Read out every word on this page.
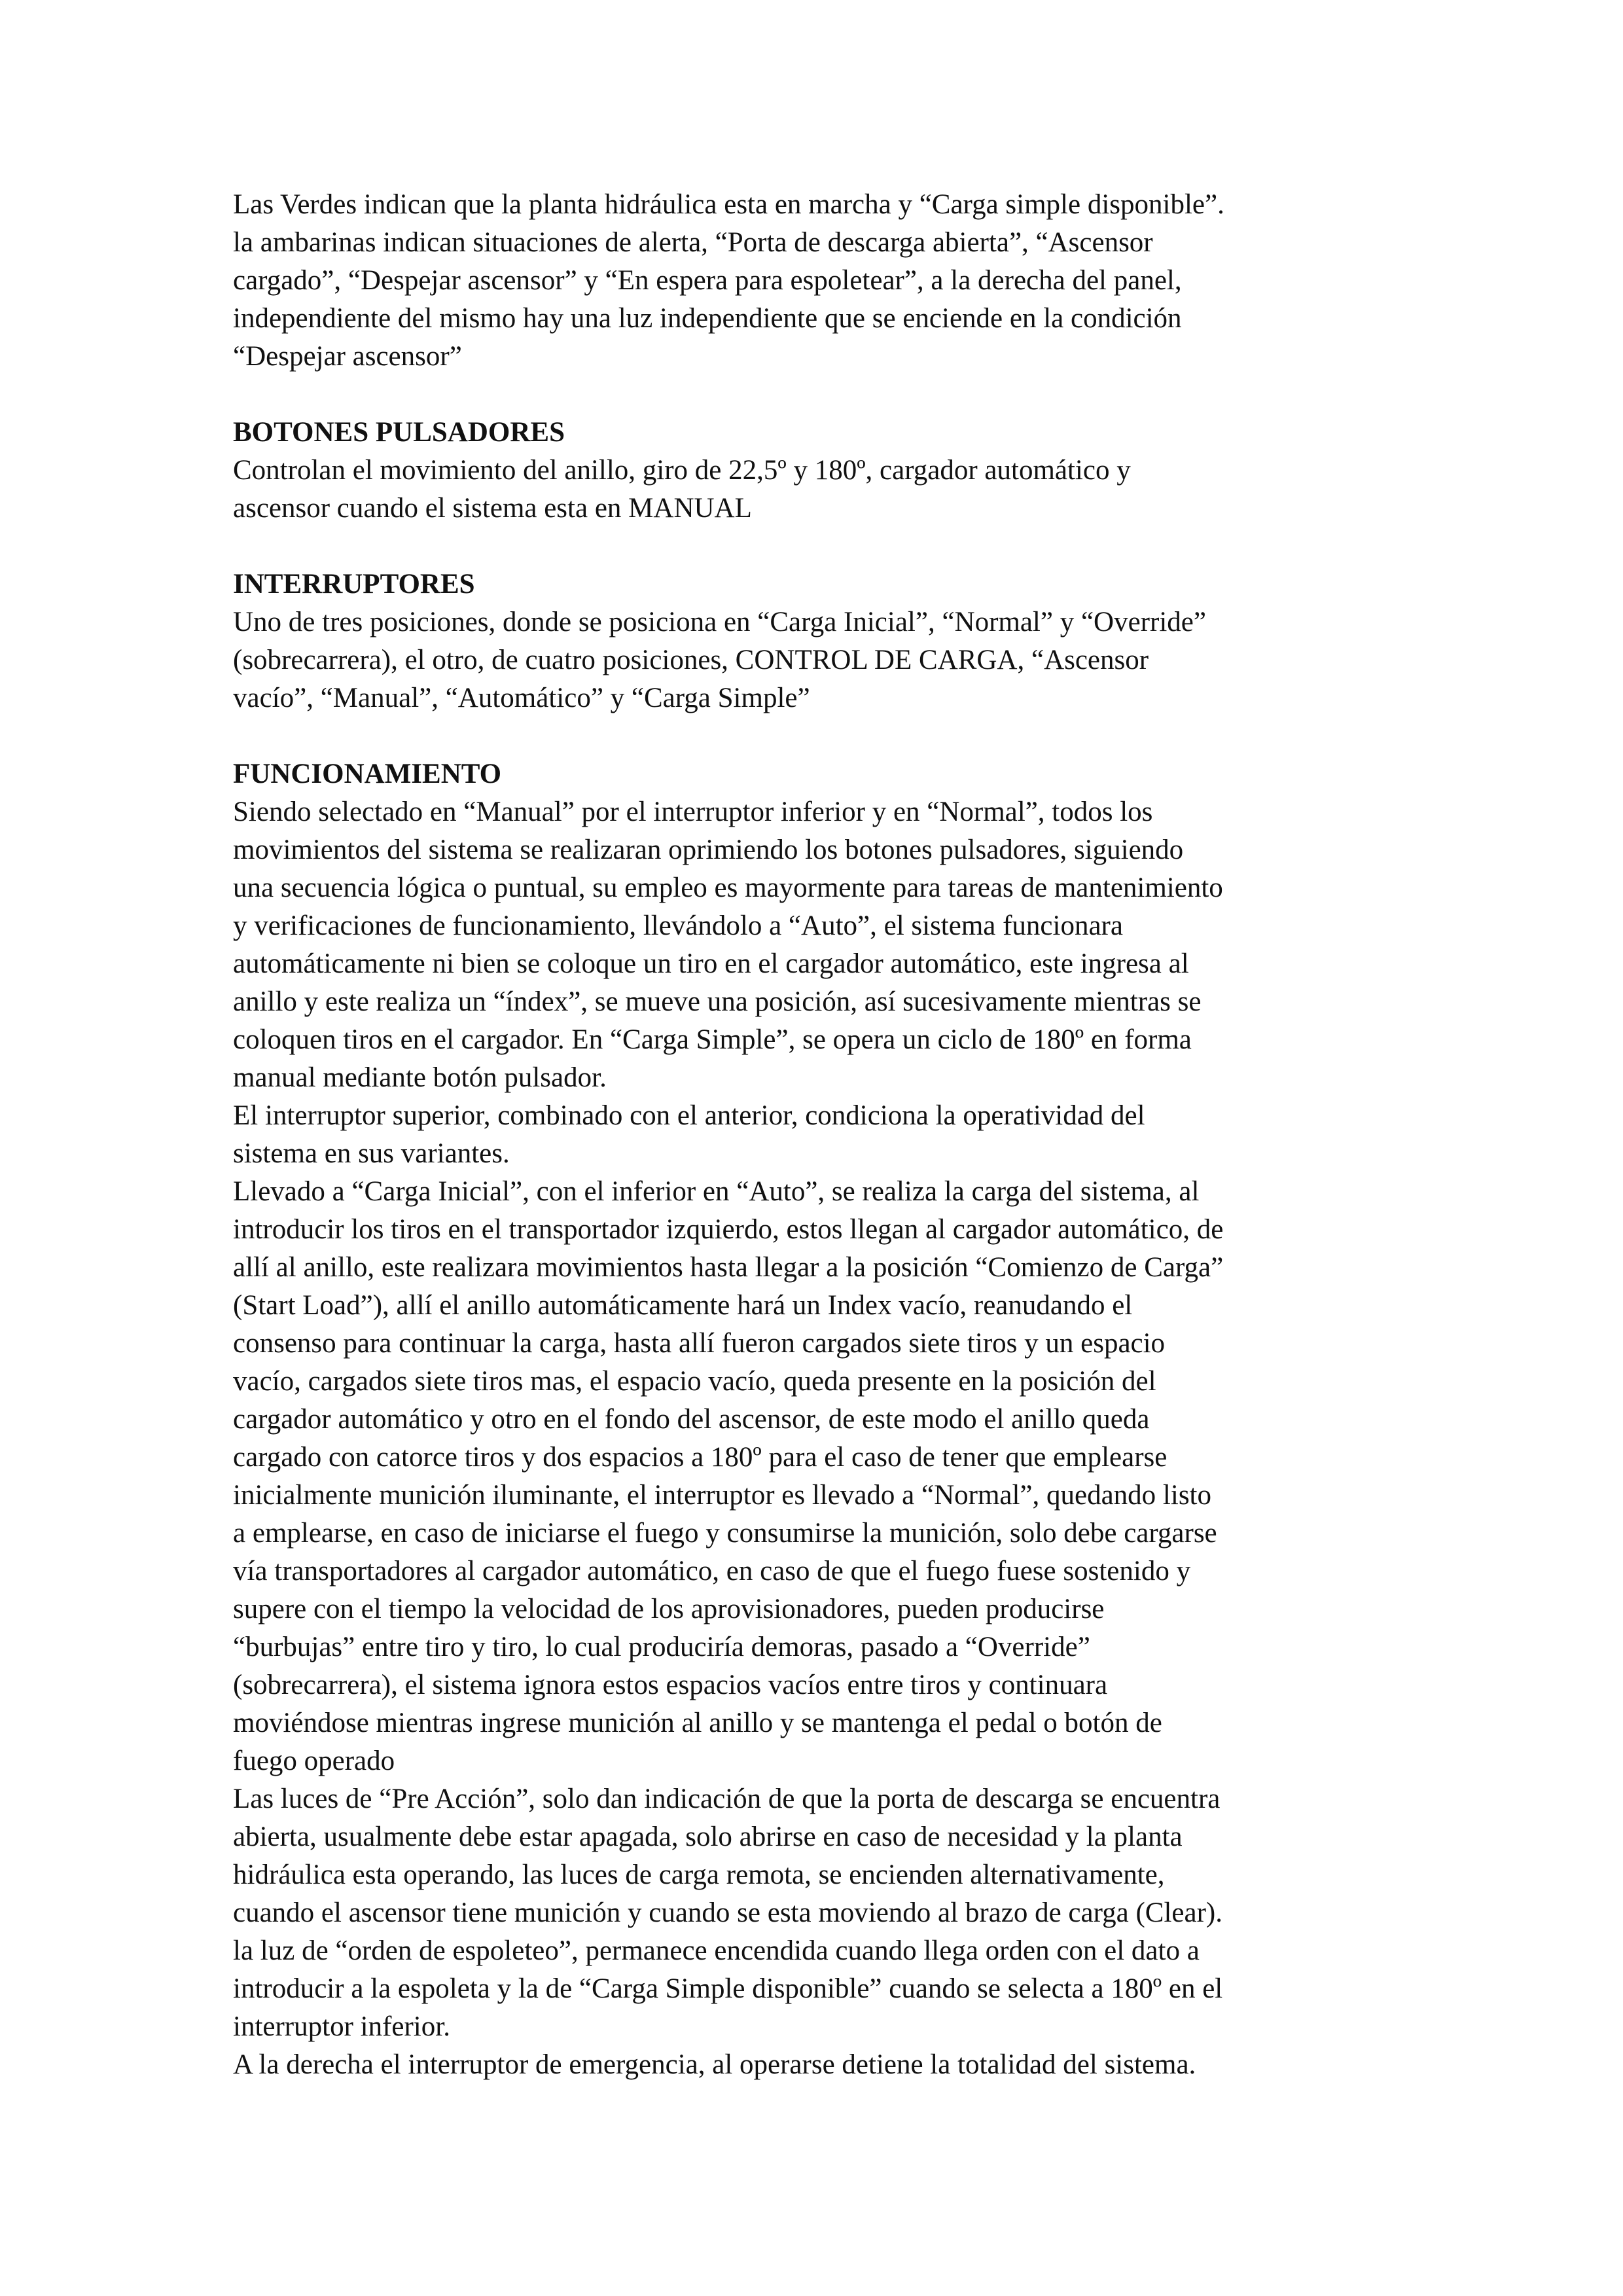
Las Verdes indican que la planta hidráulica esta en marcha y “Carga simple disponible”.
la ambarinas indican situaciones de alerta, “Porta de descarga abierta”, “Ascensor
cargado”, “Despejar ascensor” y “En espera para espoletear”, a la derecha del panel,
independiente del mismo hay una luz independiente que se enciende en la condición
“Despejar ascensor”

BOTONES PULSADORES

Controlan el movimiento del anillo, giro de 22,5º y 180º, cargador automático y
ascensor cuando el sistema esta en MANUAL

INTERRUPTORES

Uno de tres posiciones, donde se posiciona en “Carga Inicial”, “Normal” y “Override”
(sobrecarrera), el otro, de cuatro posiciones, CONTROL DE CARGA, “Ascensor
vacío”, “Manual”, “Automático” y “Carga Simple”

FUNCIONAMIENTO

Siendo selectado en “Manual” por el interruptor inferior y en “Normal”, todos los
movimientos del sistema se realizaran oprimiendo los botones pulsadores, siguiendo
una secuencia lógica o puntual, su empleo es mayormente para tareas de mantenimiento
y verificaciones de funcionamiento, llevándolo a “Auto”, el sistema funcionara
automáticamente ni bien se coloque un tiro en el cargador automático, este ingresa al
anillo y este realiza un “índex”, se mueve una posición, así sucesivamente mientras se
coloquen tiros en el cargador. En “Carga Simple”, se opera un ciclo de 180º en forma
manual mediante botón pulsador.
El interruptor superior, combinado con el anterior, condiciona la operatividad del
sistema en sus variantes.
Llevado a “Carga Inicial”, con el inferior en “Auto”, se realiza la carga del sistema, al
introducir los tiros en el transportador izquierdo, estos llegan al cargador automático, de
allí al anillo, este realizara movimientos hasta llegar a la posición “Comienzo de Carga”
(Start Load”), allí el anillo automáticamente hará un Index vacío, reanudando el
consenso para continuar la carga, hasta allí fueron cargados siete tiros y un espacio
vacío, cargados siete tiros mas, el espacio vacío, queda presente en la posición del
cargador automático y otro en el fondo del ascensor, de este modo el anillo queda
cargado con catorce tiros y dos espacios a 180º para el caso de tener que emplearse
inicialmente munición iluminante, el interruptor es llevado a “Normal”, quedando listo
a emplearse, en caso de iniciarse el fuego y consumirse la munición, solo debe cargarse
vía transportadores al cargador automático, en caso de que el fuego fuese sostenido y
supere con el tiempo la velocidad de los aprovisionadores, pueden producirse
“burbujas” entre tiro y tiro, lo cual produciría demoras, pasado a “Override”
(sobrecarrera), el sistema ignora estos espacios vacíos entre tiros y continuara
moviéndose mientras ingrese munición al anillo y se mantenga el pedal o botón de
fuego operado
Las luces de “Pre Acción”, solo dan indicación de que la porta de descarga se encuentra
abierta, usualmente debe estar apagada, solo abrirse en caso de necesidad y la planta
hidráulica esta operando, las luces de carga remota, se encienden alternativamente,
cuando el ascensor tiene munición y cuando se esta moviendo al brazo de carga (Clear).
la luz de “orden de espoleteo”, permanece encendida cuando llega orden con el dato a
introducir a la espoleta y la de “Carga Simple disponible” cuando se selecta a 180º en el
interruptor inferior.
A la derecha el interruptor de emergencia, al operarse detiene la totalidad del sistema.
